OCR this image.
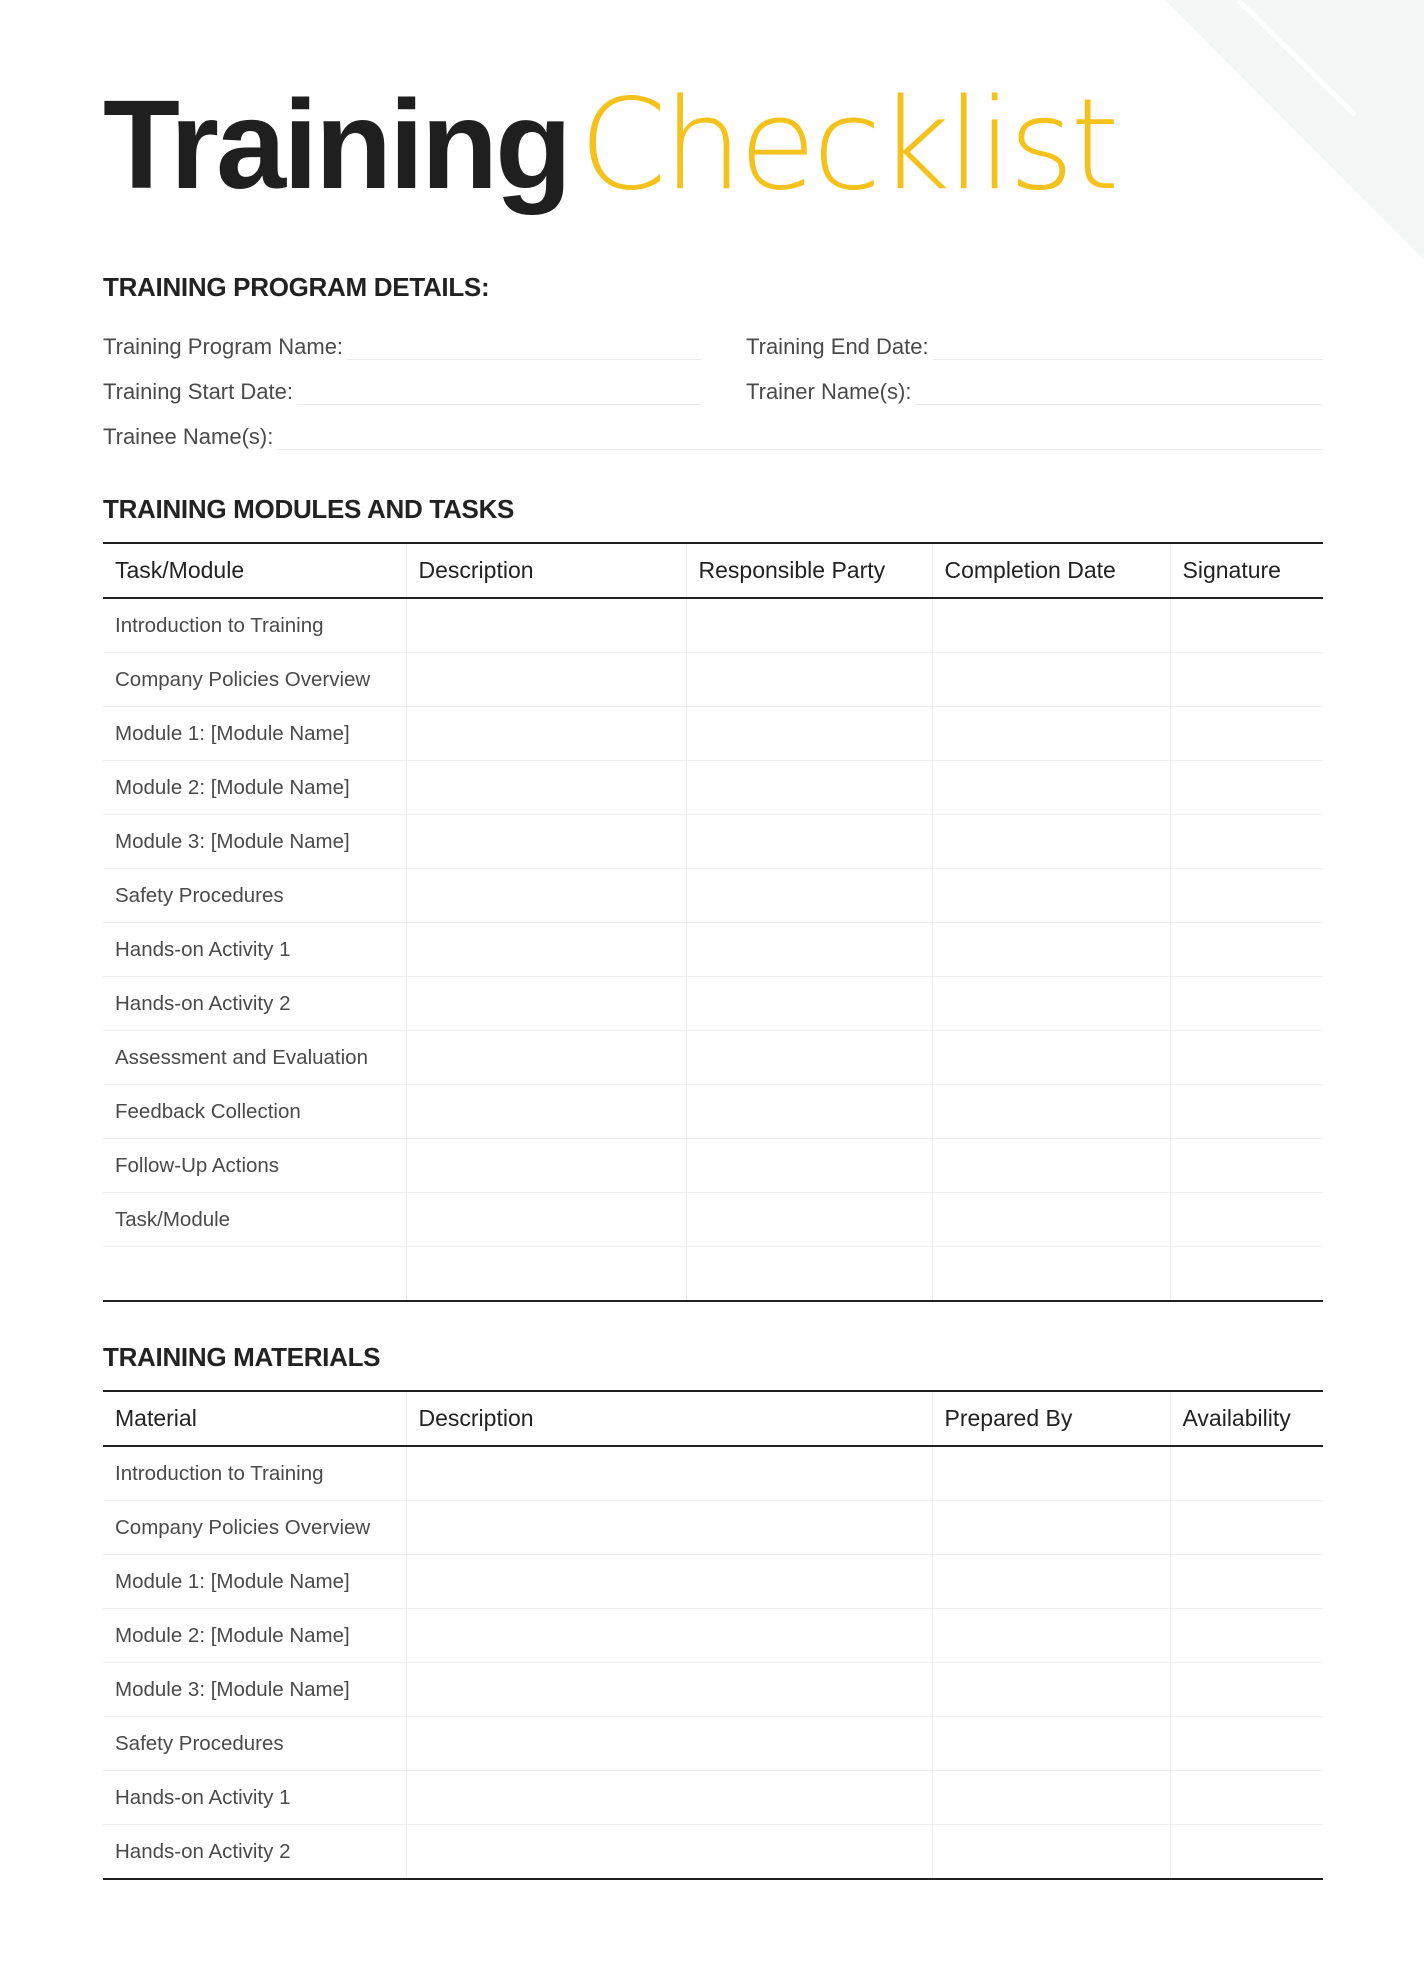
TrainingChecklist
TRAINING PROGRAM DETAILS:
Training Program Name:
Training Start Date:
Trainee Name(s):
Training End Date:
Trainer Name(s):
TRAINING MODULES AND TASKS
Task/Module	Description	Responsible Party	Completion Date	Signature
Introduction to Training				
Company Policies Overview				
Module 1: [Module Name]				
Module 2: [Module Name]				
Module 3: [Module Name]				
Safety Procedures				
Hands-on Activity 1				
Hands-on Activity 2				
Assessment and Evaluation				
Feedback Collection				
Follow-Up Actions				
Task/Module				

TRAINING MATERIALS
Material	Description	Prepared By	Availability
Introduction to Training			
Company Policies Overview			
Module 1: [Module Name]			
Module 2: [Module Name]			
Module 3: [Module Name]			
Safety Procedures			
Hands-on Activity 1			
Hands-on Activity 2			
